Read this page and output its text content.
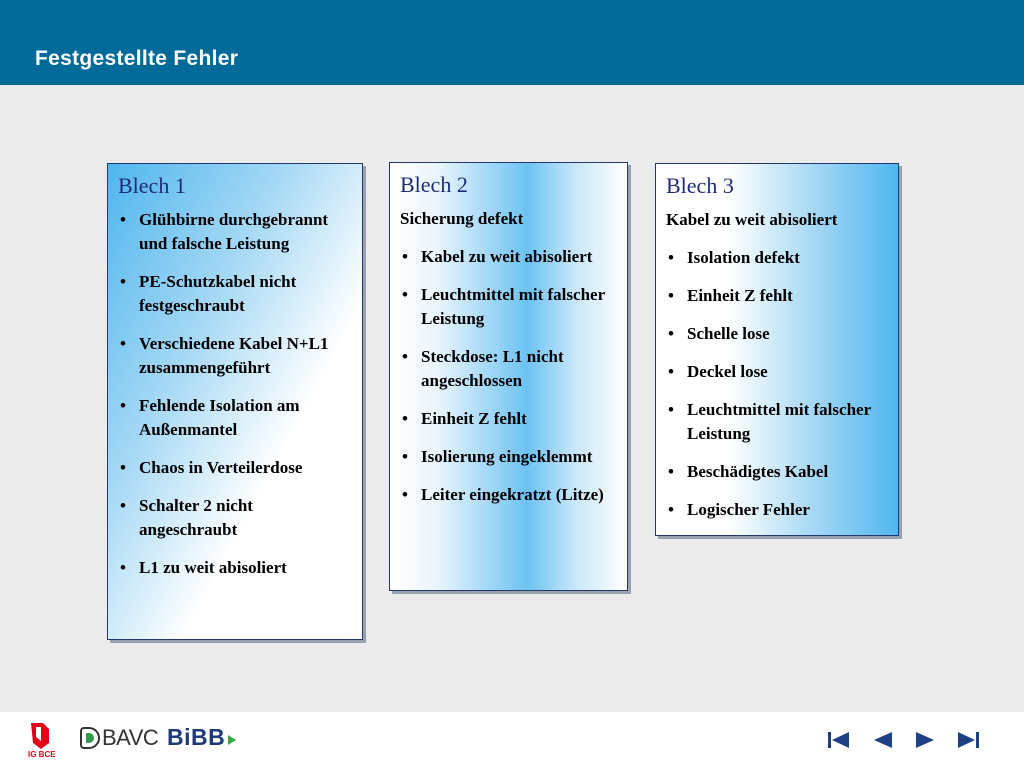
Festgestellte Fehler
Blech 1
• Glühbirne durchgebrannt und falsche Leistung
• PE-Schutzkabel nicht festgeschraubt
• Verschiedene Kabel N+L1 zusammengeführt
• Fehlende Isolation am Außenmantel
• Chaos in Verteilerdose
• Schalter 2 nicht angeschraubt
• L1 zu weit abisoliert
Blech 2
Sicherung defekt
• Kabel zu weit abisoliert
• Leuchtmittel mit falscher Leistung
• Steckdose: L1 nicht angeschlossen
• Einheit Z fehlt
• Isolierung eingeklemmt
• Leiter eingekratzt (Litze)
Blech 3
Kabel zu weit abisoliert
• Isolation defekt
• Einheit Z fehlt
• Schelle lose
• Deckel lose
• Leuchtmittel mit falscher Leistung
• Beschädigtes Kabel
• Logischer Fehler
IG BCE
BAVC BiBB
